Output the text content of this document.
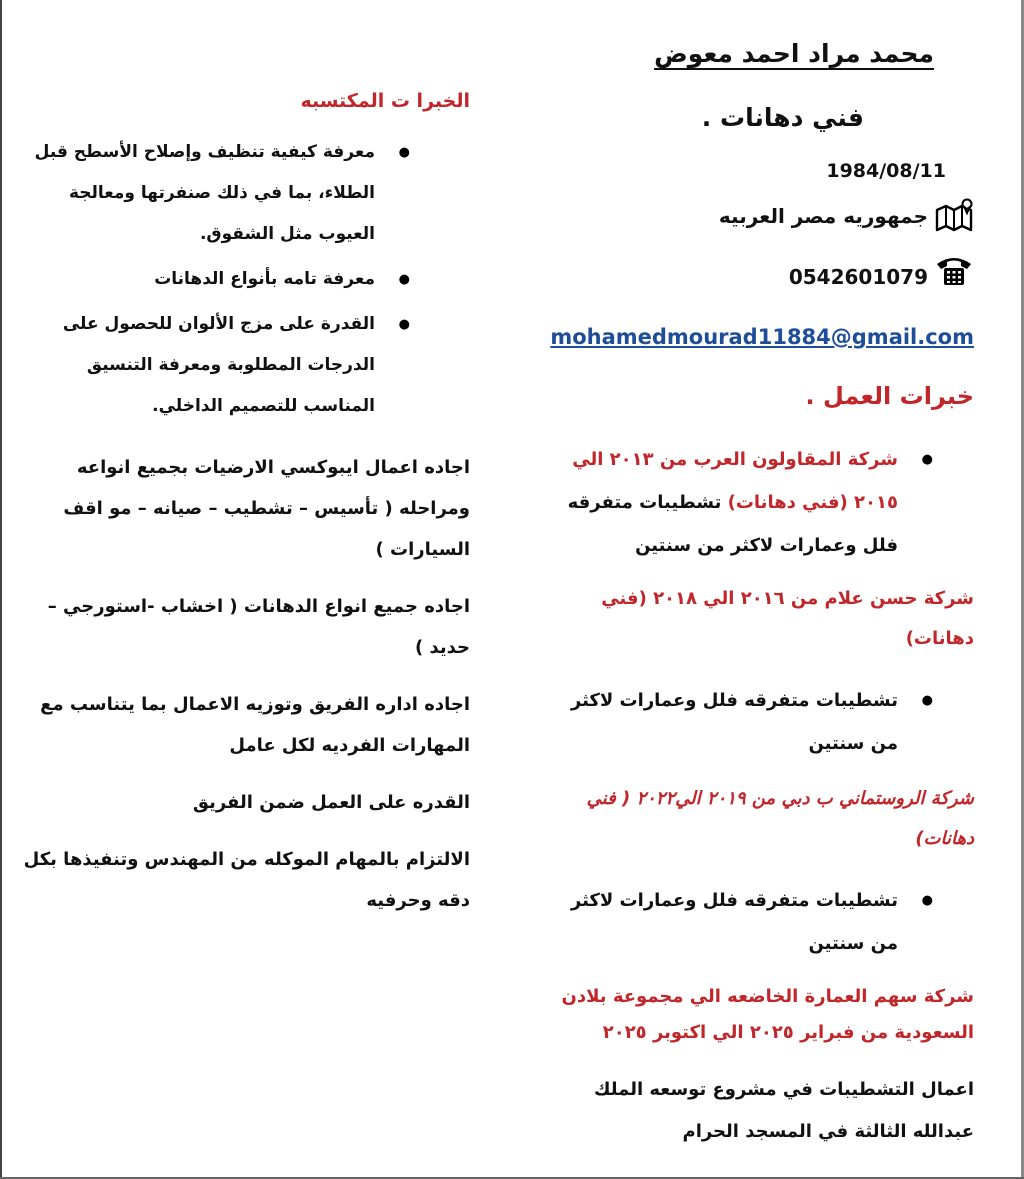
محمد مراد احمد معوض
فني دهانات .
1984/08/11
جمهوريه مصر العربيه
0542601079
mohamedmourad11884@gmail.com
خبرات العمل .
● شركة المقاولون العرب من ٢٠١٣ الي
٢٠١٥ (فني دهانات) تشطيبات متفرقه
فلل وعمارات لاكثر من سنتين
شركة حسن علام من ٢٠١٦ الي ٢٠١٨ (فني دهانات)
● تشطيبات متفرقه فلل وعمارات لاكثر من سنتين
شركة الروستماني ب دبي من ٢٠١٩ الي٢٠٢٢ ( فني دهانات)
● تشطيبات متفرقه فلل وعمارات لاكثر من سنتين
شركة سهم العمارة الخاضعه الي مجموعة بلادن السعودية من فبراير ٢٠٢٥ الي اكتوبر ٢٠٢٥
اعمال التشطيبات في مشروع توسعه الملك عبدالله الثالثة في المسجد الحرام
الخبرا ت المكتسبه
● معرفة كيفية تنظيف وإصلاح الأسطح قبل الطلاء، بما في ذلك صنفرتها ومعالجة العيوب مثل الشقوق.
● معرفة تامه بأنواع الدهانات
● القدرة على مزج الألوان للحصول على الدرجات المطلوبة ومعرفة التنسيق المناسب للتصميم الداخلي.
اجاده اعمال ايبوكسي الارضيات بجميع انواعه ومراحله ( تأسيس – تشطيب – صيانه – مو اقف السيارات )
اجاده جميع انواع الدهانات ( اخشاب -استورجي – حديد )
اجاده اداره الفريق وتوزيه الاعمال بما يتناسب مع المهارات الفرديه لكل عامل
القدره على العمل ضمن الفريق
الالتزام بالمهام الموكله من المهندس وتنفيذها بكل دقه وحرفيه
